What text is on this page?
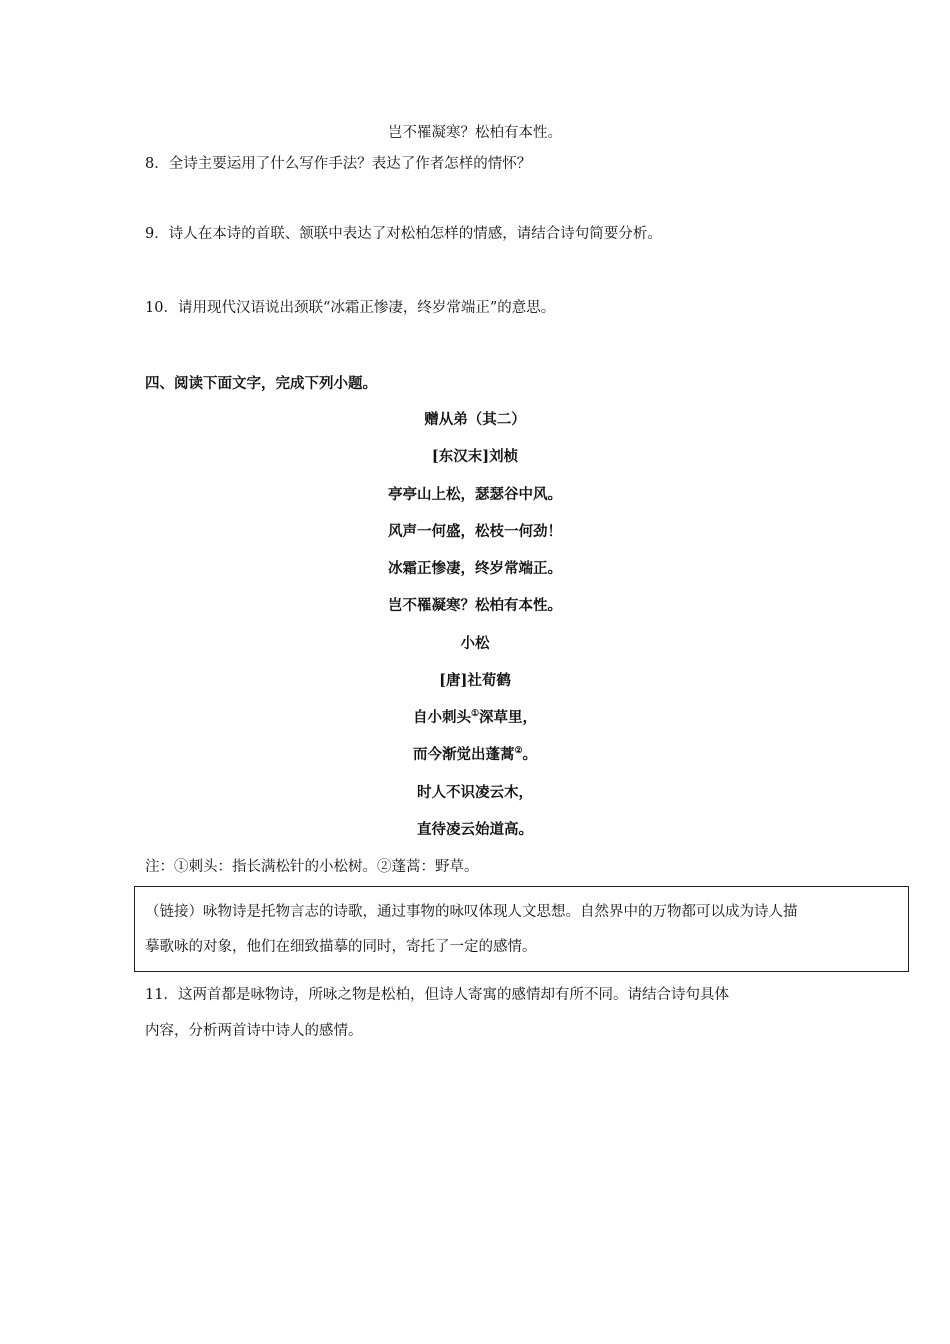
岂不罹凝寒？松柏有本性。
8．全诗主要运用了什么写作手法？表达了作者怎样的情怀？
9．诗人在本诗的首联、颔联中表达了对松柏怎样的情感，请结合诗句简要分析。
10．请用现代汉语说出颈联“冰霜正惨凄，终岁常端正”的意思。
四、阅读下面文字，完成下列小题。
赠从弟（其二）
[东汉末]刘桢
亭亭山上松，瑟瑟谷中风。
风声一何盛，松枝一何劲！
冰霜正惨凄，终岁常端正。
岂不罹凝寒？松柏有本性。
小松
[唐]社荀鹤
自小刺头①深草里，
而今渐觉出蓬蒿②。
时人不识凌云木，
直待凌云始道高。
注：①刺头：指长满松针的小松树。②蓬蒿：野草。
（链接）咏物诗是托物言志的诗歌，通过事物的咏叹体现人文思想。自然界中的万物都可以成为诗人描
摹歌咏的对象，他们在细致描摹的同时，寄托了一定的感情。
11．这两首都是咏物诗，所咏之物是松柏，但诗人寄寓的感情却有所不同。请结合诗句具体
内容，分析两首诗中诗人的感情。
